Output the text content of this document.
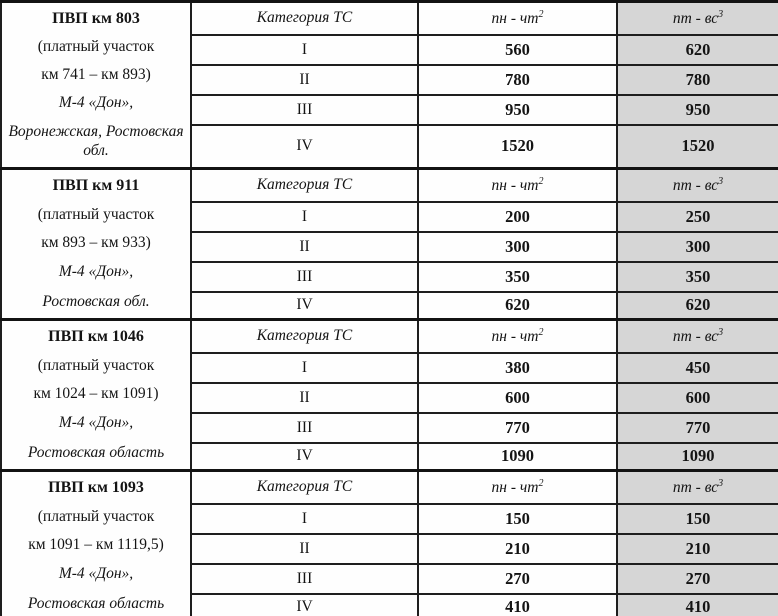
ПВП км 803
(платный участок
км 741 – км 893)
М-4 «Дон»,
Воронежская, Ростовская обл.	Категория ТС	пн - $чт^2$	пт - $вс^3$
	I	560	620
	II	780	780
	III	950	950
	IV	1520	1520

ПВП км 911
(платный участок
км 893 – км 933)
М-4 «Дон»,
Ростовская обл.	Категория ТС	пн - $чт^2$	пт - $вс^3$
	I	200	250
	II	300	300
	III	350	350
	IV	620	620

ПВП км 1046
(платный участок
км 1024 – км 1091)
М-4 «Дон»,
Ростовская область	Категория ТС	пн - $чт^2$	пт - $вс^3$
	I	380	450
	II	600	600
	III	770	770
	IV	1090	1090

ПВП км 1093
(платный участок
км 1091 – км 1119,5)
М-4 «Дон»,
Ростовская область	Категория ТС	пн - $чт^2$	пт - $вс^3$
	I	150	150
	II	210	210
	III	270	270
	IV	410	410
